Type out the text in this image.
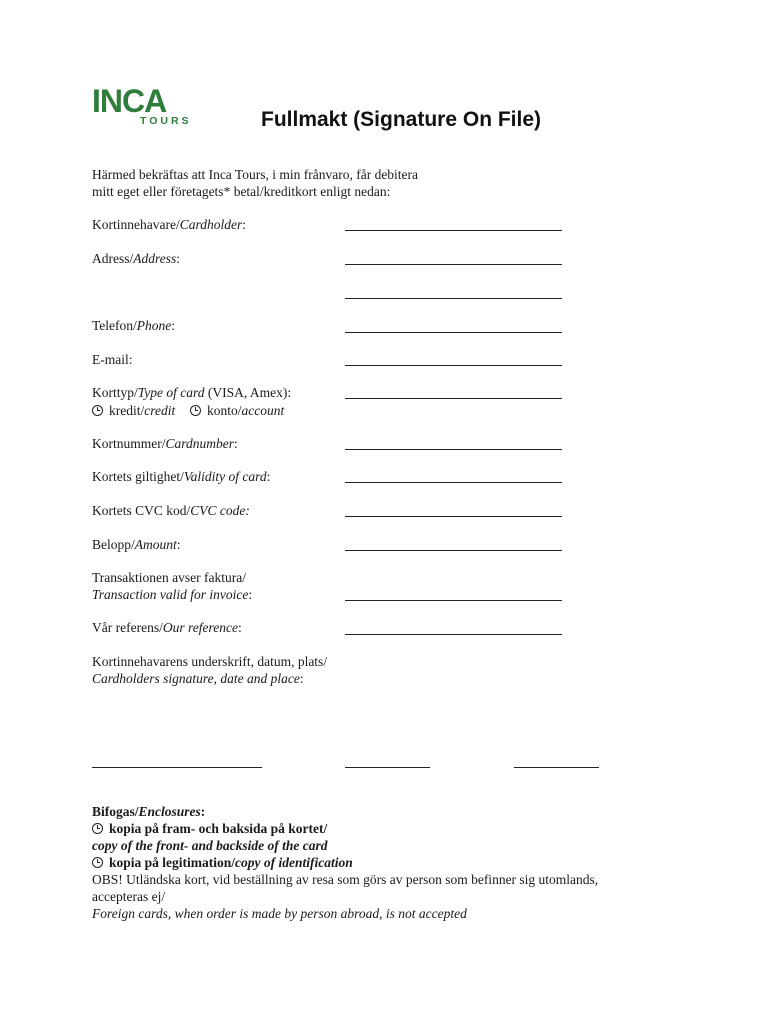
INCA
TOURS	Fullmakt (Signature On File)
Härmed bekräftas att Inca Tours, i min frånvaro, får debitera
mitt eget eller företagets* betal/kreditkort enligt nedan:
Kortinnehavare/Cardholder:
Adress/Address:
Telefon/Phone:
E-mail:
Korttyp/Type of card (VISA, Amex):
kredit/credit konto/account
Kortnummer/Cardnumber:
Kortets giltighet/Validity of card:
Kortets CVC kod/CVC code:
Belopp/Amount:
Transaktionen avser faktura/
Transaction valid for invoice:
Vår referens/Our reference:
Kortinnehavarens underskrift, datum, plats/
Cardholders signature, date and place:
Bifogas/Enclosures:
kopia på fram- och baksida på kortet/
copy of the front- and backside of the card
kopia på legitimation/copy of identification
OBS! Utländska kort, vid beställning av resa som görs av person som befinner sig utomlands,
accepteras ej/
Foreign cards, when order is made by person abroad, is not accepted
